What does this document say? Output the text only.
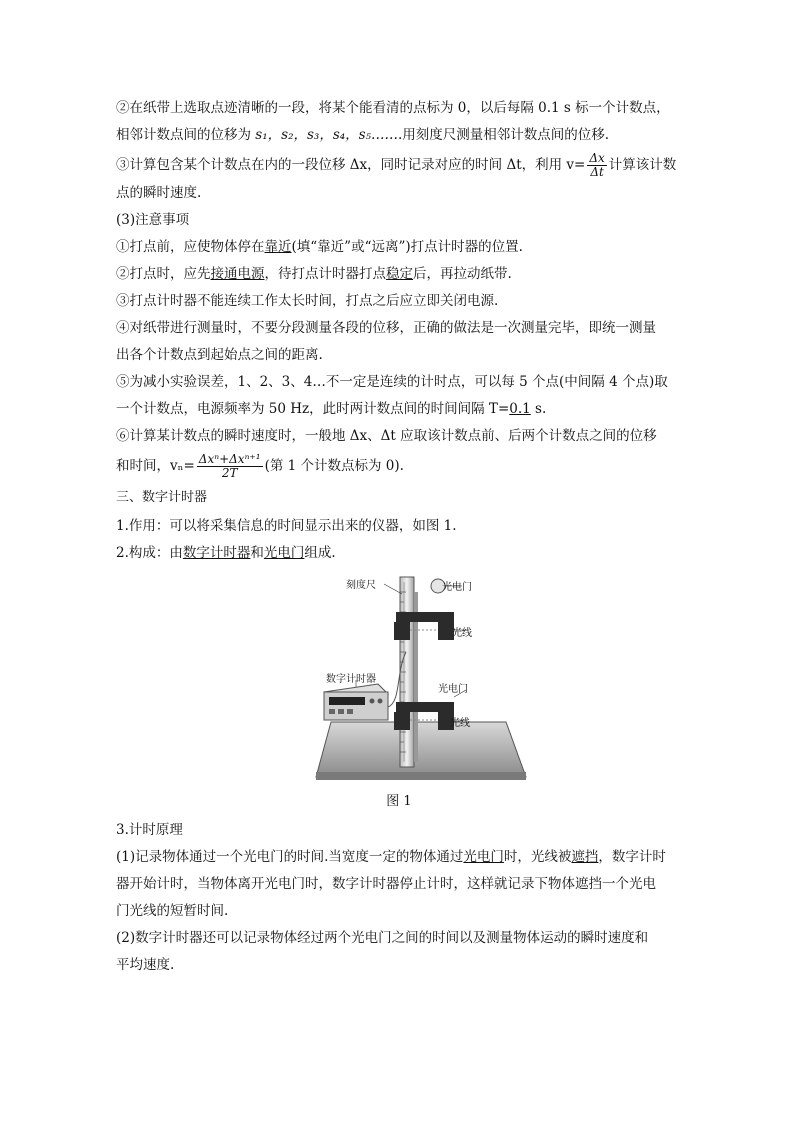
②在纸带上选取点迹清晰的一段，将某个能看清的点标为 0，以后每隔 0.1 s 标一个计数点，

相邻计数点间的位移为 s₁，s₂，s₃，s₄，s₅…….用刻度尺测量相邻计数点间的位移.

③计算包含某个计数点在内的一段位移 Δx，同时记录对应的时间 Δt，利用 $v= \frac{\Delta x}{\Delta t}$ 计算该计数

点的瞬时速度.

(3)注意事项

①打点前，应使物体停在靠近(填“靠近”或“远离”)打点计时器的位置.

②打点时，应先接通电源，待打点计时器打点稳定后，再拉动纸带.

③打点计时器不能连续工作太长时间，打点之后应立即关闭电源.

④对纸带进行测量时，不要分段测量各段的位移，正确的做法是一次测量完毕，即统一测量

出各个计数点到起始点之间的距离.

⑤为减小实验误差，1、2、3、4…不一定是连续的计时点，可以每 5 个点(中间隔 4 个点)取

一个计数点，电源频率为 50 Hz，此时两计数点间的时间间隔 T=0.1 s.

⑥计算某计数点的瞬时速度时，一般地 Δx、Δt 应取该计数点前、后两个计数点之间的位移

和时间，$v_n= \frac{\text{Δxⁿ+Δxⁿ⁺¹}}{2T}$ (第 1 个计数点标为 0).

三、数字计时器

1.作用：可以将采集信息的时间显示出来的仪器，如图 1.

2.构成：由数字计时器和光电门组成.

刻度尺	光电门
光线
数字计时器
光电门
光线
图 1

3.计时原理

(1)记录物体通过一个光电门的时间.当宽度一定的物体通过光电门时，光线被遮挡，数字计时

器开始计时，当物体离开光电门时，数字计时器停止计时，这样就记录下物体遮挡一个光电

门光线的短暂时间.

(2)数字计时器还可以记录物体经过两个光电门之间的时间以及测量物体运动的瞬时速度和

平均速度.
